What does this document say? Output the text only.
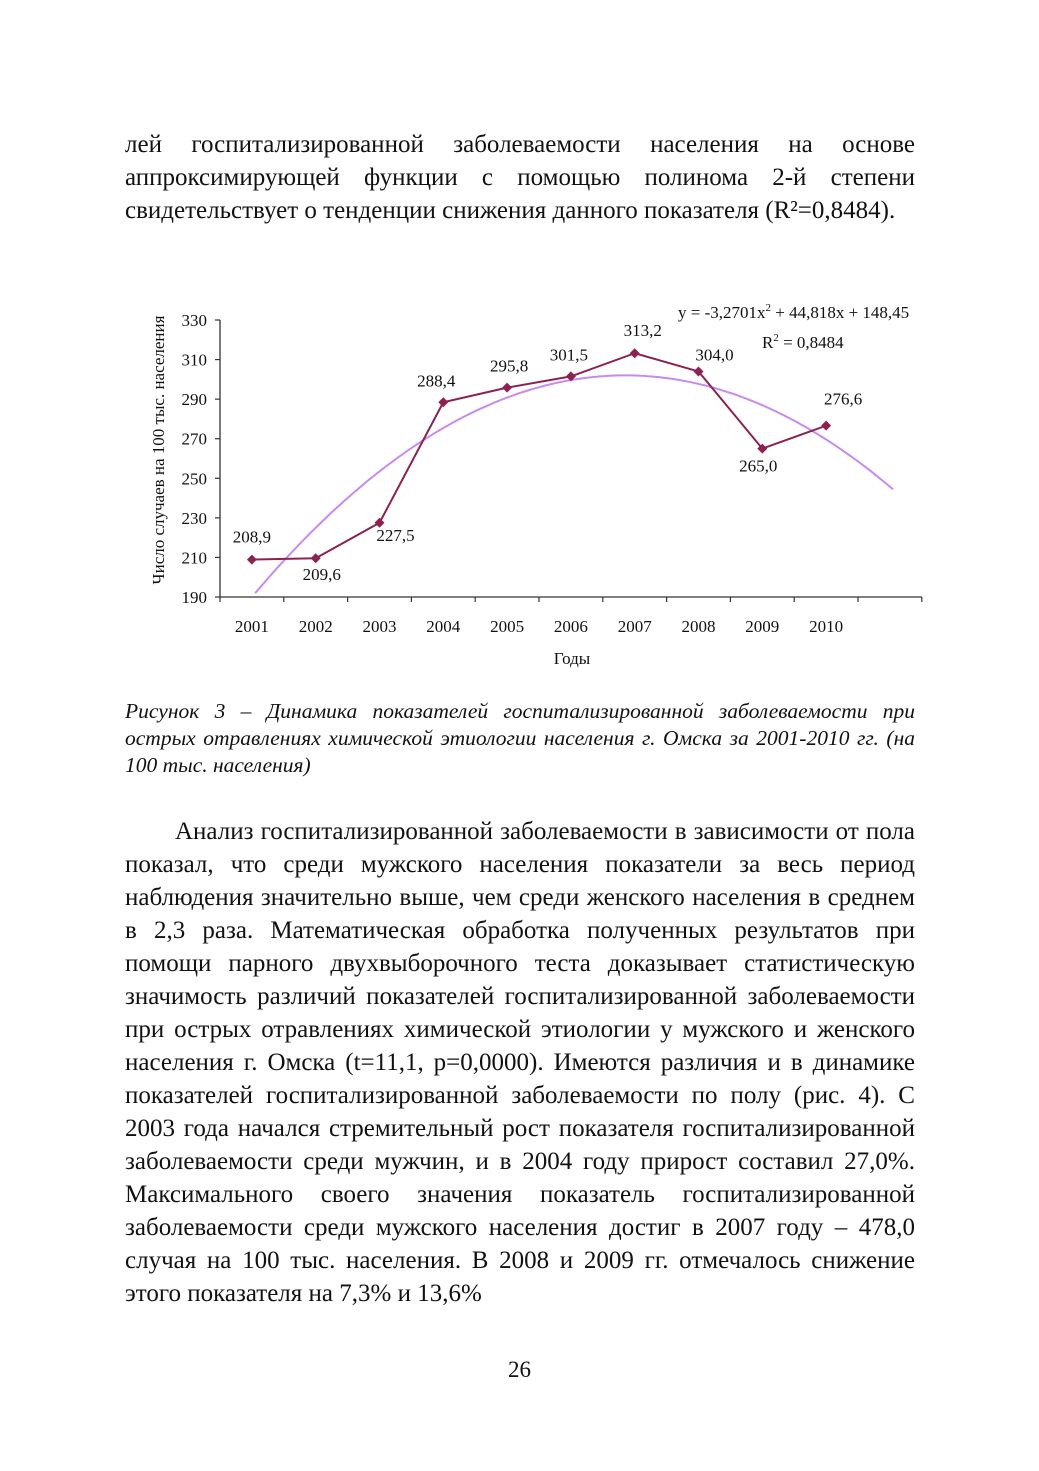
лей госпитализированной заболеваемости населения на основе аппроксимирующей функции с помощью полинома 2-й степени свидетельствует о тенденции снижения данного показателя (R²=0,8484).
190
210
230
250
270
290
310
330
2001 2002 2003 2004 2005 2006 2007 2008 2009 2010
208,9
209,6
227,5
288,4
295,8
301,5
313,2
304,0
265,0
276,6
Число случаев на 100 тыс. населения
Годы
$y = -3,2701x^2 + 44,818x + 148,45$
$R^2 = 0,8484$
Рисунок 3 – Динамика показателей госпитализированной заболеваемости при острых отравлениях химической этиологии населения г. Омска за 2001-2010 гг. (на 100 тыс. населения)
Анализ госпитализированной заболеваемости в зависимости от пола показал, что среди мужского населения показатели за весь период наблюдения значительно выше, чем среди женского населения в среднем в 2,3 раза. Математическая обработка полученных результатов при помощи парного двухвыборочного теста доказывает статистическую значимость различий показателей госпитализированной заболеваемости при острых отравлениях химической этиологии у мужского и женского населения г. Омска (t=11,1, p=0,0000). Имеются различия и в динамике показателей госпитализированной заболеваемости по полу (рис. 4). С 2003 года начался стремительный рост показателя госпитализированной заболеваемости среди мужчин, и в 2004 году прирост составил 27,0%. Максимального своего значения показатель госпитализированной заболеваемости среди мужского населения достиг в 2007 году – 478,0 случая на 100 тыс. населения. В 2008 и 2009 гг. отмечалось снижение этого показателя на 7,3% и 13,6%
26
